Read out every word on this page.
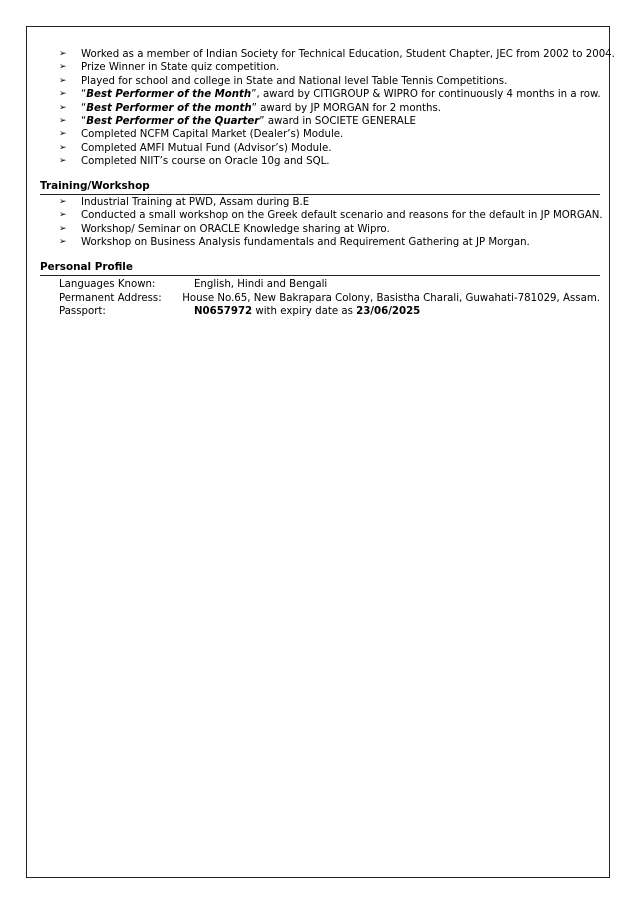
➢ Worked as a member of Indian Society for Technical Education, Student Chapter, JEC from 2002 to 2004.
➢ Prize Winner in State quiz competition.
➢ Played for school and college in State and National level Table Tennis Competitions.
➢ “Best Performer of the Month”, award by CITIGROUP & WIPRO for continuously 4 months in a row.
➢ “Best Performer of the month” award by JP MORGAN for 2 months.
➢ “Best Performer of the Quarter” award in SOCIETE GENERALE
➢ Completed NCFM Capital Market (Dealer’s) Module.
➢ Completed AMFI Mutual Fund (Advisor’s) Module.
➢ Completed NIIT’s course on Oracle 10g and SQL.
Training/Workshop
➢ Industrial Training at PWD, Assam during B.E
➢ Conducted a small workshop on the Greek default scenario and reasons for the default in JP MORGAN.
➢ Workshop/ Seminar on ORACLE Knowledge sharing at Wipro.
➢ Workshop on Business Analysis fundamentals and Requirement Gathering at JP Morgan.
Personal Profile
Languages Known:	English, Hindi and Bengali
Permanent Address:	House No.65, New Bakrapara Colony, Basistha Charali, Guwahati-781029, Assam.
Passport:	N0657972 with expiry date as 23/06/2025
